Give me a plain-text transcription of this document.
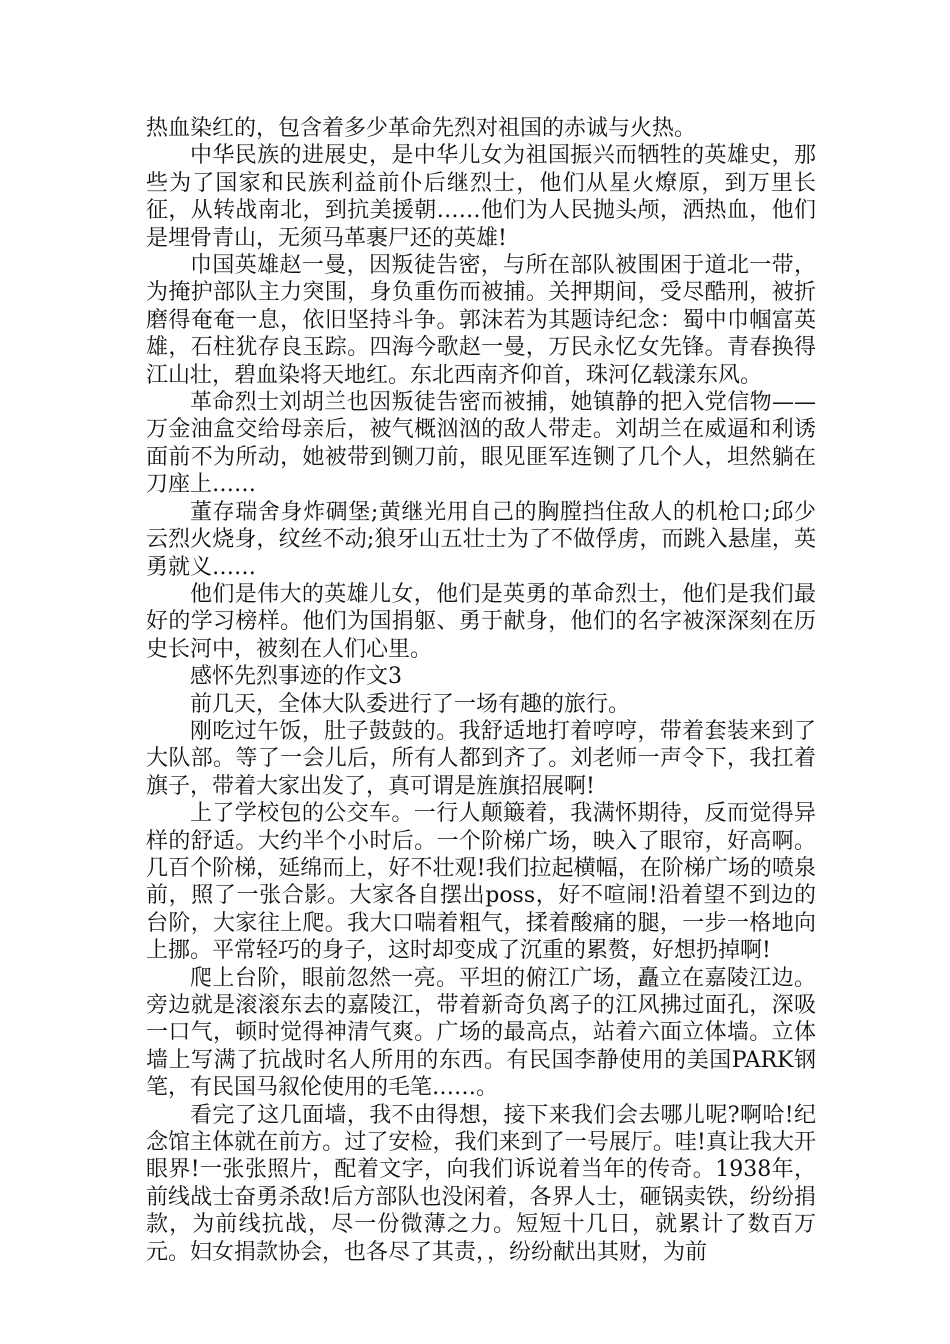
热血染红的，包含着多少革命先烈对祖国的赤诚与火热。

中华民族的进展史，是中华儿女为祖国振兴而牺牲的英雄史，那些为了国家和民族利益前仆后继烈士，他们从星火燎原，到万里长征，从转战南北，到抗美援朝……他们为人民抛头颅，洒热血，他们是埋骨青山，无须马革裹尸还的英雄!

巾国英雄赵一曼，因叛徒告密，与所在部队被围困于道北一带，为掩护部队主力突围，身负重伤而被捕。关押期间，受尽酷刑，被折磨得奄奄一息，依旧坚持斗争。郭沫若为其题诗纪念：蜀中巾帼富英雄，石柱犹存良玉踪。四海今歌赵一曼，万民永忆女先锋。青春换得江山壮，碧血染将天地红。东北西南齐仰首，珠河亿载漾东风。

革命烈士刘胡兰也因叛徒告密而被捕，她镇静的把入党信物——万金油盒交给母亲后，被气概汹汹的敌人带走。刘胡兰在威逼和利诱面前不为所动，她被带到铡刀前，眼见匪军连铡了几个人，坦然躺在刀座上……

董存瑞舍身炸碉堡;黄继光用自己的胸膛挡住敌人的机枪口;邱少云烈火烧身，纹丝不动;狼牙山五壮士为了不做俘虏，而跳入悬崖，英勇就义……

他们是伟大的英雄儿女，他们是英勇的革命烈士，他们是我们最好的学习榜样。他们为国捐躯、勇于献身，他们的名字被深深刻在历史长河中，被刻在人们心里。

感怀先烈事迹的作文3

前几天，全体大队委进行了一场有趣的旅行。

刚吃过午饭，肚子鼓鼓的。我舒适地打着哼哼，带着套装来到了大队部。等了一会儿后，所有人都到齐了。刘老师一声令下，我扛着旗子，带着大家出发了，真可谓是旌旗招展啊!

上了学校包的公交车。一行人颠簸着，我满怀期待，反而觉得异样的舒适。大约半个小时后。一个阶梯广场，映入了眼帘，好高啊。几百个阶梯，延绵而上，好不壮观!我们拉起横幅，在阶梯广场的喷泉前，照了一张合影。大家各自摆出poss，好不喧闹!沿着望不到边的台阶，大家往上爬。我大口喘着粗气，揉着酸痛的腿，一步一格地向上挪。平常轻巧的身子，这时却变成了沉重的累赘，好想扔掉啊!

爬上台阶，眼前忽然一亮。平坦的俯江广场，矗立在嘉陵江边。旁边就是滚滚东去的嘉陵江，带着新奇负离子的江风拂过面孔，深吸一口气，顿时觉得神清气爽。广场的最高点，站着六面立体墙。立体墙上写满了抗战时名人所用的东西。有民国李静使用的美国PARK钢笔，有民国马叙伦使用的毛笔……。

看完了这几面墙，我不由得想，接下来我们会去哪儿呢?啊哈!纪念馆主体就在前方。过了安检，我们来到了一号展厅。哇!真让我大开眼界!一张张照片，配着文字，向我们诉说着当年的传奇。1938年，前线战士奋勇杀敌!后方部队也没闲着，各界人士，砸锅卖铁，纷纷捐款，为前线抗战，尽一份微薄之力。短短十几日，就累计了数百万元。妇女捐款协会，也各尽了其责，，纷纷献出其财，为前
